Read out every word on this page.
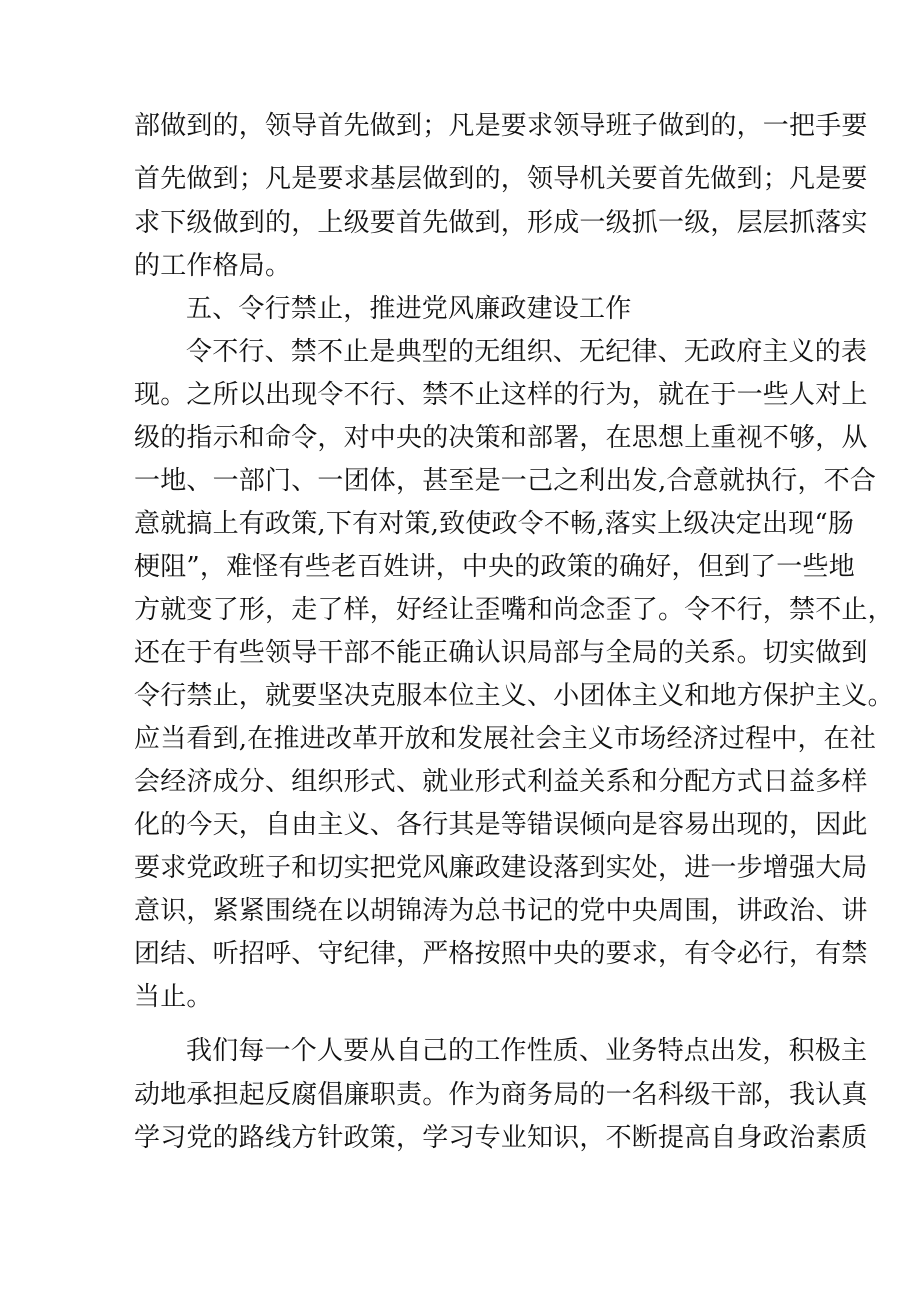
部做到的，领导首先做到；凡是要求领导班子做到的，一把手要
首先做到；凡是要求基层做到的，领导机关要首先做到；凡是要
求下级做到的，上级要首先做到，形成一级抓一级，层层抓落实
的工作格局。
五、令行禁止，推进党风廉政建设工作
令不行、禁不止是典型的无组织、无纪律、无政府主义的表
现。之所以出现令不行、禁不止这样的行为，就在于一些人对上
级的指示和命令，对中央的决策和部署，在思想上重视不够，从
一地、一部门、一团体，甚至是一己之利出发,合意就执行，不合
意就搞上有政策,下有对策,致使政令不畅,落实上级决定出现“肠
梗阻”，难怪有些老百姓讲，中央的政策的确好，但到了一些地
方就变了形，走了样，好经让歪嘴和尚念歪了。令不行，禁不止，
还在于有些领导干部不能正确认识局部与全局的关系。切实做到
令行禁止，就要坚决克服本位主义、小团体主义和地方保护主义。
应当看到,在推进改革开放和发展社会主义市场经济过程中，在社
会经济成分、组织形式、就业形式利益关系和分配方式日益多样
化的今天，自由主义、各行其是等错误倾向是容易出现的，因此
要求党政班子和切实把党风廉政建设落到实处，进一步增强大局
意识，紧紧围绕在以胡锦涛为总书记的党中央周围，讲政治、讲
团结、听招呼、守纪律，严格按照中央的要求，有令必行，有禁
当止。
我们每一个人要从自己的工作性质、业务特点出发，积极主
动地承担起反腐倡廉职责。作为商务局的一名科级干部，我认真
学习党的路线方针政策，学习专业知识，不断提高自身政治素质
